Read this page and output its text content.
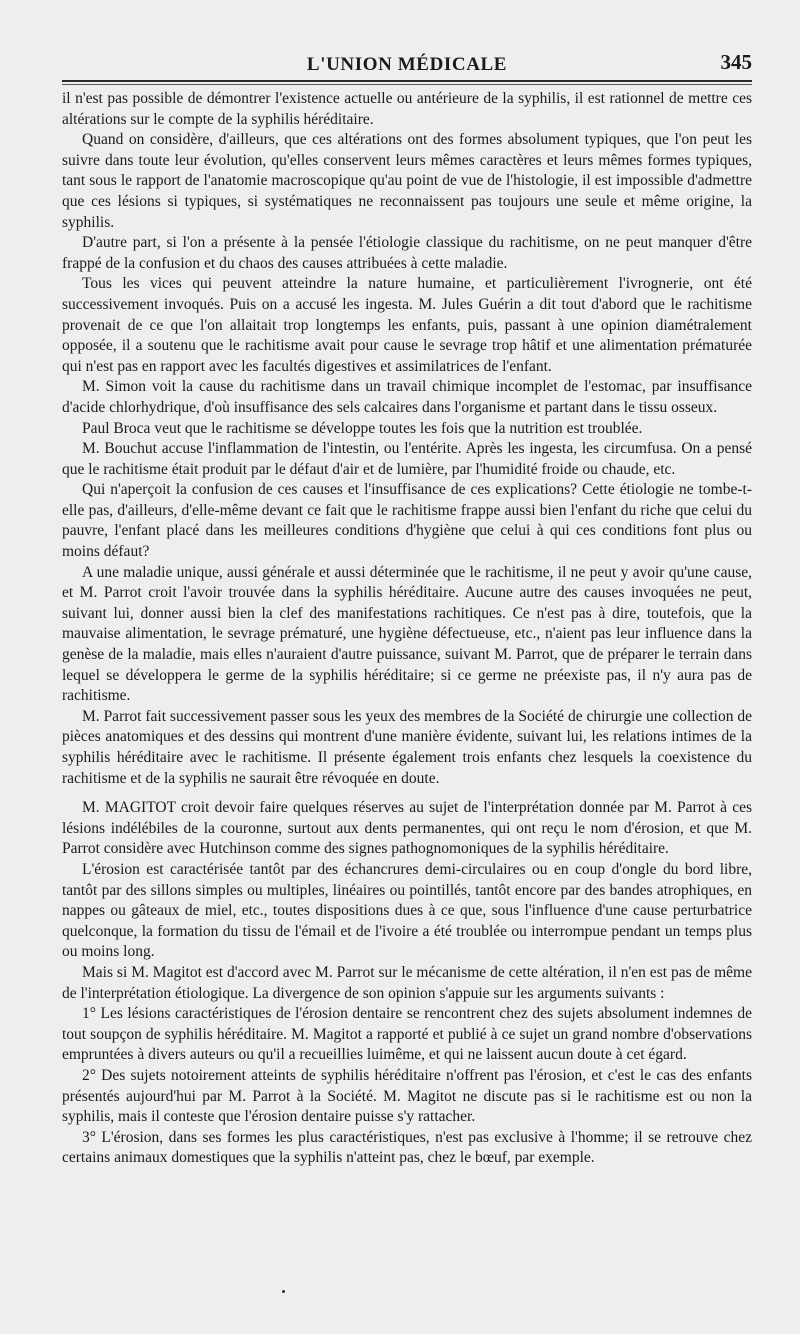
L'UNION MÉDICALE	345

il n'est pas possible de démontrer l'existence actuelle ou antérieure de la syphilis, il est rationnel de mettre ces altérations sur le compte de la syphilis héréditaire.

Quand on considère, d'ailleurs, que ces altérations ont des formes absolument typiques, que l'on peut les suivre dans toute leur évolution, qu'elles conservent leurs mêmes caractères et leurs mêmes formes typiques, tant sous le rapport de l'anatomie macroscopique qu'au point de vue de l'histologie, il est impossible d'admettre que ces lésions si typiques, si systématiques ne reconnaissent pas toujours une seule et même origine, la syphilis.

D'autre part, si l'on a présente à la pensée l'étiologie classique du rachitisme, on ne peut manquer d'être frappé de la confusion et du chaos des causes attribuées à cette maladie.

Tous les vices qui peuvent atteindre la nature humaine, et particulièrement l'ivrognerie, ont été successivement invoqués. Puis on a accusé les ingesta. M. Jules Guérin a dit tout d'abord que le rachitisme provenait de ce que l'on allaitait trop longtemps les enfants, puis, passant à une opinion diamétralement opposée, il a soutenu que le rachitisme avait pour cause le sevrage trop hâtif et une alimentation prématurée qui n'est pas en rapport avec les facultés digestives et assimilatrices de l'enfant.

M. Simon voit la cause du rachitisme dans un travail chimique incomplet de l'estomac, par insuffisance d'acide chlorhydrique, d'où insuffisance des sels calcaires dans l'organisme et partant dans le tissu osseux.

Paul Broca veut que le rachitisme se développe toutes les fois que la nutrition est troublée.

M. Bouchut accuse l'inflammation de l'intestin, ou l'entérite. Après les ingesta, les circumfusa. On a pensé que le rachitisme était produit par le défaut d'air et de lumière, par l'humidité froide ou chaude, etc.

Qui n'aperçoit la confusion de ces causes et l'insuffisance de ces explications? Cette étiologie ne tombe-t-elle pas, d'ailleurs, d'elle-même devant ce fait que le rachitisme frappe aussi bien l'enfant du riche que celui du pauvre, l'enfant placé dans les meilleures conditions d'hygiène que celui à qui ces conditions font plus ou moins défaut?

A une maladie unique, aussi générale et aussi déterminée que le rachitisme, il ne peut y avoir qu'une cause, et M. Parrot croit l'avoir trouvée dans la syphilis héréditaire. Aucune autre des causes invoquées ne peut, suivant lui, donner aussi bien la clef des manifestations rachitiques. Ce n'est pas à dire, toutefois, que la mauvaise alimentation, le sevrage prématuré, une hygiène défectueuse, etc., n'aient pas leur influence dans la genèse de la maladie, mais elles n'auraient d'autre puissance, suivant M. Parrot, que de préparer le terrain dans lequel se développera le germe de la syphilis héréditaire; si ce germe ne préexiste pas, il n'y aura pas de rachitisme.

M. Parrot fait successivement passer sous les yeux des membres de la Société de chirurgie une collection de pièces anatomiques et des dessins qui montrent d'une manière évidente, suivant lui, les relations intimes de la syphilis héréditaire avec le rachitisme. Il présente également trois enfants chez lesquels la coexistence du rachitisme et de la syphilis ne saurait être révoquée en doute.

M. MAGITOT croit devoir faire quelques réserves au sujet de l'interprétation donnée par M. Parrot à ces lésions indélébiles de la couronne, surtout aux dents permanentes, qui ont reçu le nom d'érosion, et que M. Parrot considère avec Hutchinson comme des signes pathognomoniques de la syphilis héréditaire.

L'érosion est caractérisée tantôt par des échancrures demi-circulaires ou en coup d'ongle du bord libre, tantôt par des sillons simples ou multiples, linéaires ou pointillés, tantôt encore par des bandes atrophiques, en nappes ou gâteaux de miel, etc., toutes dispositions dues à ce que, sous l'influence d'une cause perturbatrice quelconque, la formation du tissu de l'émail et de l'ivoire a été troublée ou interrompue pendant un temps plus ou moins long.

Mais si M. Magitot est d'accord avec M. Parrot sur le mécanisme de cette altération, il n'en est pas de même de l'interprétation étiologique. La divergence de son opinion s'appuie sur les arguments suivants :

1° Les lésions caractéristiques de l'érosion dentaire se rencontrent chez des sujets absolument indemnes de tout soupçon de syphilis héréditaire. M. Magitot a rapporté et publié à ce sujet un grand nombre d'observations empruntées à divers auteurs ou qu'il a recueillies luimême, et qui ne laissent aucun doute à cet égard.

2° Des sujets notoirement atteints de syphilis héréditaire n'offrent pas l'érosion, et c'est le cas des enfants présentés aujourd'hui par M. Parrot à la Société. M. Magitot ne discute pas si le rachitisme est ou non la syphilis, mais il conteste que l'érosion dentaire puisse s'y rattacher.

3° L'érosion, dans ses formes les plus caractéristiques, n'est pas exclusive à l'homme; il se retrouve chez certains animaux domestiques que la syphilis n'atteint pas, chez le bœuf, par exemple.
